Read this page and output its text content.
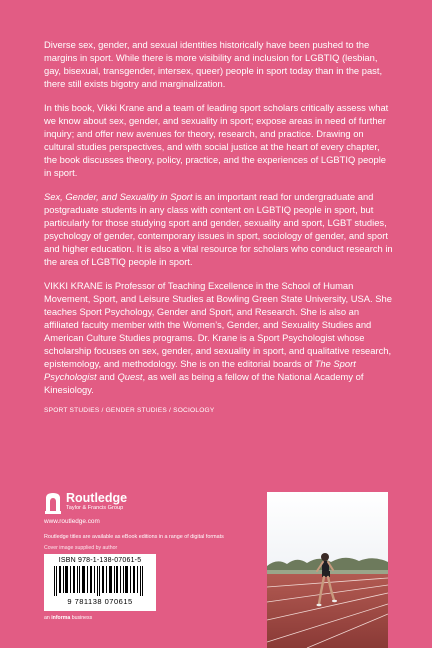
Diverse sex, gender, and sexual identities historically have been pushed to the margins in sport. While there is more visibility and inclusion for LGBTIQ (lesbian, gay, bisexual, transgender, intersex, queer) people in sport today than in the past, there still exists bigotry and marginalization.

In this book, Vikki Krane and a team of leading sport scholars critically assess what we know about sex, gender, and sexuality in sport; expose areas in need of further inquiry; and offer new avenues for theory, research, and practice. Drawing on cultural studies perspectives, and with social justice at the heart of every chapter, the book discusses theory, policy, practice, and the experiences of LGBTIQ people in sport.

Sex, Gender, and Sexuality in Sport is an important read for undergraduate and postgraduate students in any class with content on LGBTIQ people in sport, but particularly for those studying sport and gender, sexuality and sport, LGBT studies, psychology of gender, contemporary issues in sport, sociology of gender, and sport and higher education. It is also a vital resource for scholars who conduct research in the area of LGBTIQ people in sport.

VIKKI KRANE is Professor of Teaching Excellence in the School of Human Movement, Sport, and Leisure Studies at Bowling Green State University, USA. She teaches Sport Psychology, Gender and Sport, and Research. She is also an affiliated faculty member with the Women’s, Gender, and Sexuality Studies and American Culture Studies programs. Dr. Krane is a Sport Psychologist whose scholarship focuses on sex, gender, and sexuality in sport, and qualitative research, epistemology, and methodology. She is on the editorial boards of The Sport Psychologist and Quest, as well as being a fellow of the National Academy of Kinesiology.

SPORT STUDIES / GENDER STUDIES / SOCIOLOGY
Routledge
Taylor & Francis Group
www.routledge.com
Routledge titles are available as eBook editions in a range of digital formats
Cover image supplied by author
ISBN 978-1-138-07061-5
9 781138 070615
an informa business
